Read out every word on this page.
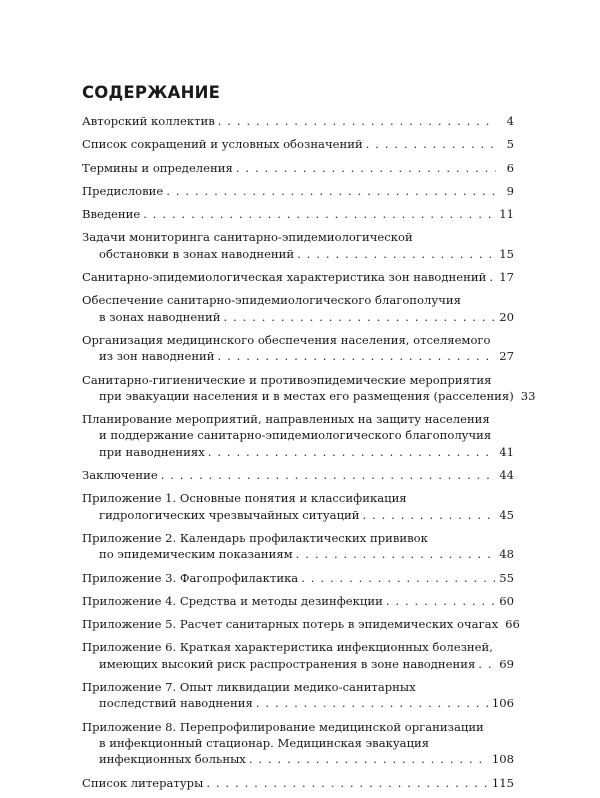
СОДЕРЖАНИЕ
Авторский коллектив . . .	4
Список сокращений и условных обозначений . . .	5
Термины и определения . . .	6
Предисловие . . .	9
Введение . . .	11
Задачи мониторинга санитарно-эпидемиологической
обстановки в зонах наводнений . . .	15
Санитарно-эпидемиологическая характеристика зон наводнений . . . 17
Обеспечение санитарно-эпидемиологического благополучия
в зонах наводнений . . .	20
Организация медицинского обеспечения населения, отселяемого
из зон наводнений . . .	27
Санитарно-гигиенические и противоэпидемические мероприятия
при эвакуации населения и в местах его размещения (расселения) 33
Планирование мероприятий, направленных на защиту населения
и поддержание санитарно-эпидемиологического благополучия
при наводнениях . . .	41
Заключение . . .	44
Приложение 1. Основные понятия и классификация
гидрологических чрезвычайных ситуаций . . .	45
Приложение 2. Календарь профилактических прививок
по эпидемическим показаниям . . .	48
Приложение 3. Фагопрофилактика . . .	55
Приложение 4. Средства и методы дезинфекции . . .	60
Приложение 5. Расчет санитарных потерь в эпидемических очагах 66
Приложение 6. Краткая характеристика инфекционных болезней,
имеющих высокий риск распространения в зоне наводнения . . . 69
Приложение 7. Опыт ликвидации медико-санитарных
последствий наводнения . . .	106
Приложение 8. Перепрофилирование медицинской организации
в инфекционный стационар. Медицинская эвакуация
инфекционных больных . . .	108
Список литературы . . .	115
